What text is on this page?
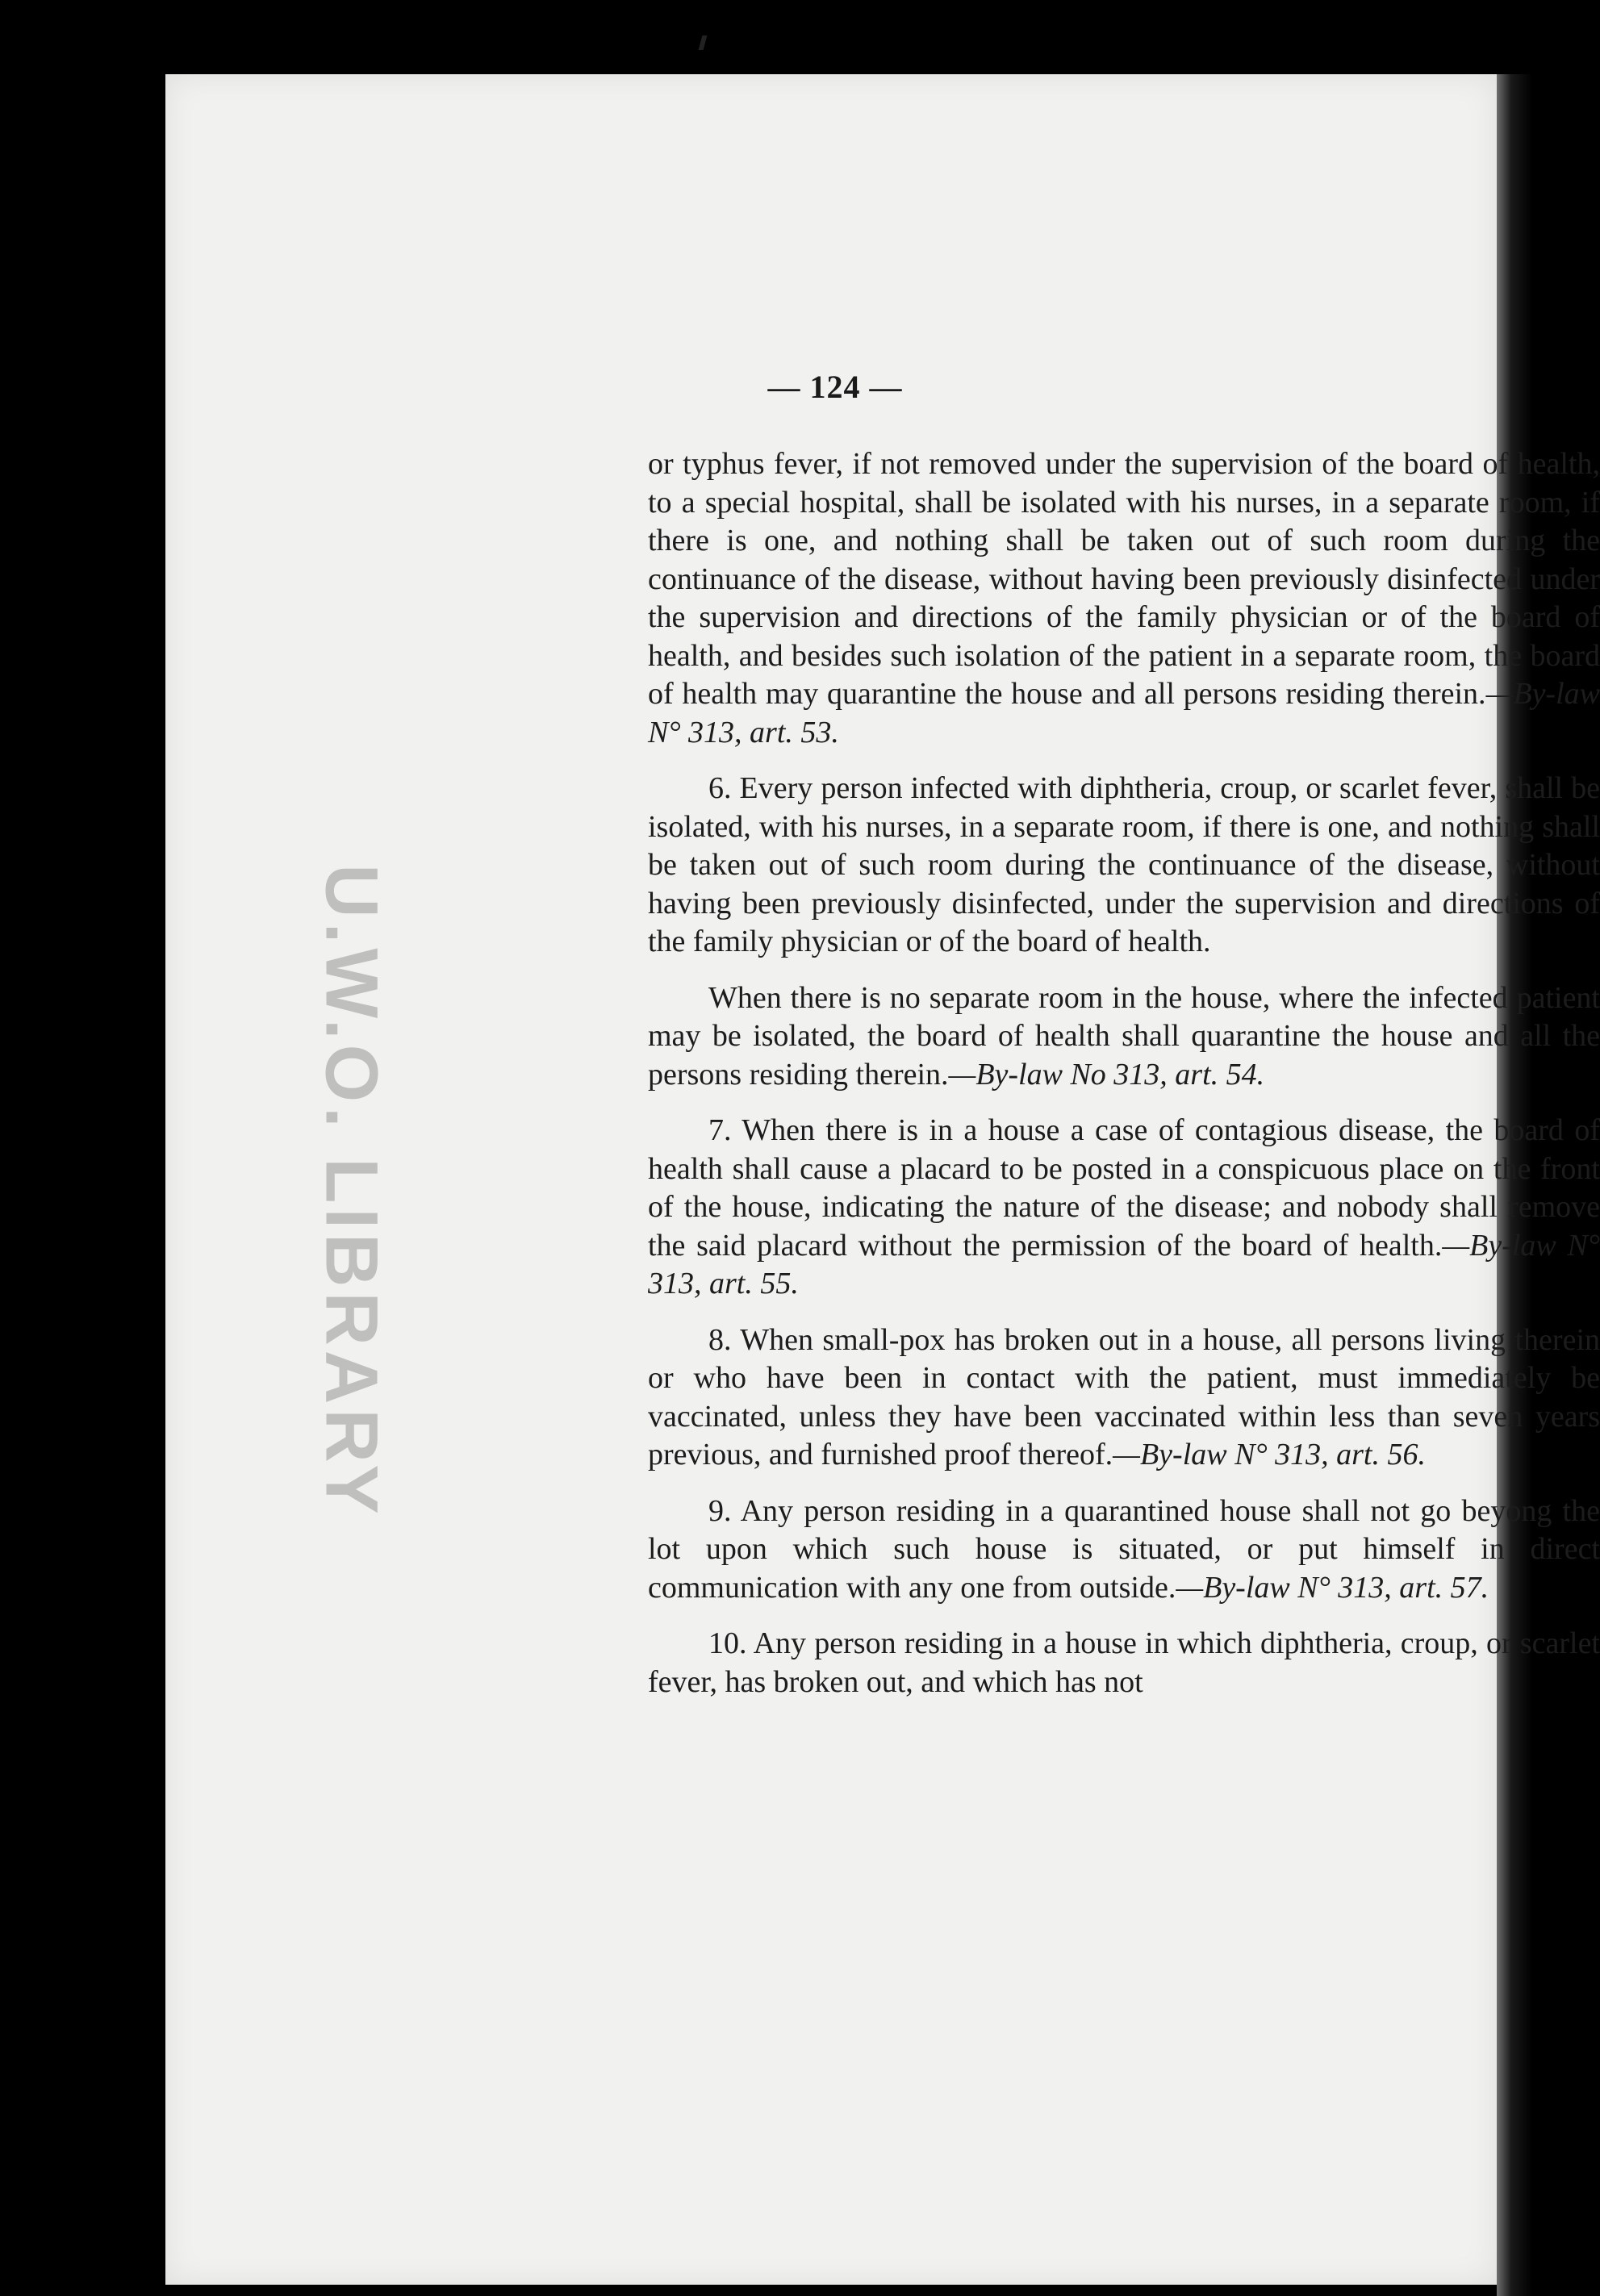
U.W.O. LIBRARY
— 124 —

or typhus fever, if not removed under the supervision of the board of health, to a special hospital, shall be isolated with his nurses, in a separate room, if there is one, and nothing shall be taken out of such room during the continuance of the disease, without having been previously disinfected under the supervision and directions of the family physician or of the board of health, and besides such isolation of the patient in a separate room, the board of health may quarantine the house and all persons residing therein.—By-law N° 313, art. 53.

6. Every person infected with diphtheria, croup, or scarlet fever, shall be isolated, with his nurses, in a separate room, if there is one, and nothing shall be taken out of such room during the continuance of the disease, without having been previously disinfected, under the supervision and directions of the family physician or of the board of health.

When there is no separate room in the house, where the infected patient may be isolated, the board of health shall quarantine the house and all the persons residing therein.—By-law No 313, art. 54.

7. When there is in a house a case of contagious disease, the board of health shall cause a placard to be posted in a conspicuous place on the front of the house, indicating the nature of the disease; and nobody shall remove the said placard without the permission of the board of health.—By-law N° 313, art. 55.

8. When small-pox has broken out in a house, all persons living therein or who have been in contact with the patient, must immediately be vaccinated, unless they have been vaccinated within less than seven years previous, and furnished proof thereof.—By-law N° 313, art. 56.

9. Any person residing in a quarantined house shall not go beyong the lot upon which such house is situated, or put himself in direct communication with any one from outside.—By-law N° 313, art. 57.

10. Any person residing in a house in which diphtheria, croup, or scarlet fever, has broken out, and which has not
